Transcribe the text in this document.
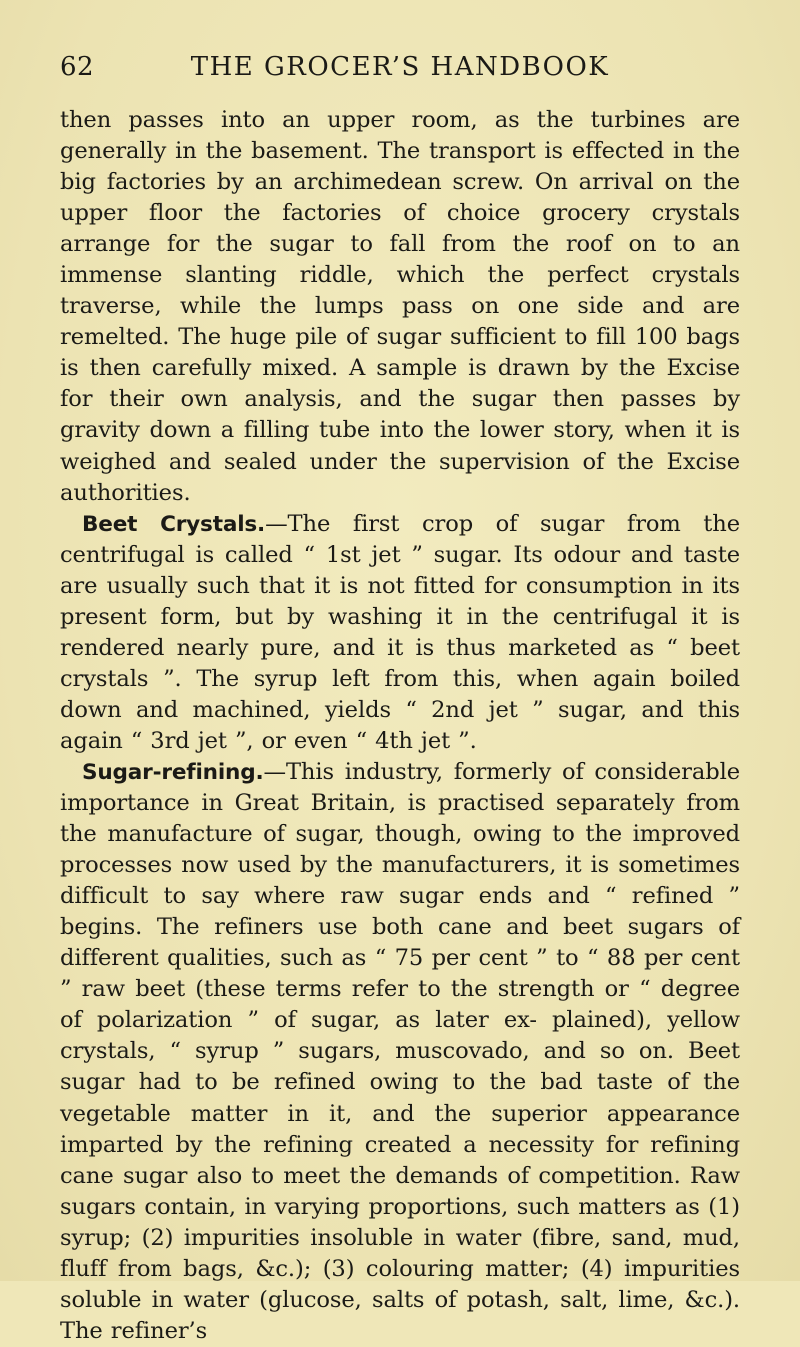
62	THE GROCER’S HANDBOOK

then passes into an upper room, as the turbines are generally in the basement. The transport is effected in the big factories by an archimedean screw. On arrival on the upper floor the factories of choice grocery crystals arrange for the sugar to fall from the roof on to an immense slanting riddle, which the perfect crystals traverse, while the lumps pass on one side and are remelted. The huge pile of sugar sufficient to fill 100 bags is then carefully mixed. A sample is drawn by the Excise for their own analysis, and the sugar then passes by gravity down a filling tube into the lower story, when it is weighed and sealed under the supervision of the Excise authorities.

Beet Crystals.—The first crop of sugar from the centrifugal is called “ 1st jet ” sugar. Its odour and taste are usually such that it is not fitted for consumption in its present form, but by washing it in the centrifugal it is rendered nearly pure, and it is thus marketed as “ beet crystals ”. The syrup left from this, when again boiled down and machined, yields “ 2nd jet ” sugar, and this again “ 3rd jet ”, or even “ 4th jet ”.

Sugar-refining.—This industry, formerly of considerable importance in Great Britain, is practised separately from the manufacture of sugar, though, owing to the improved processes now used by the manufacturers, it is sometimes difficult to say where raw sugar ends and “ refined ” begins. The refiners use both cane and beet sugars of different qualities, such as “ 75 per cent ” to “ 88 per cent ” raw beet (these terms refer to the strength or “ degree of polarization ” of sugar, as later ex- plained), yellow crystals, “ syrup ” sugars, muscovado, and so on. Beet sugar had to be refined owing to the bad taste of the vegetable matter in it, and the superior appearance imparted by the refining created a necessity for refining cane sugar also to meet the demands of competition. Raw sugars contain, in varying proportions, such matters as (1) syrup; (2) impurities insoluble in water (fibre, sand, mud, fluff from bags, &c.); (3) colouring matter; (4) impurities soluble in water (glucose, salts of potash, salt, lime, &c.). The refiner’s
